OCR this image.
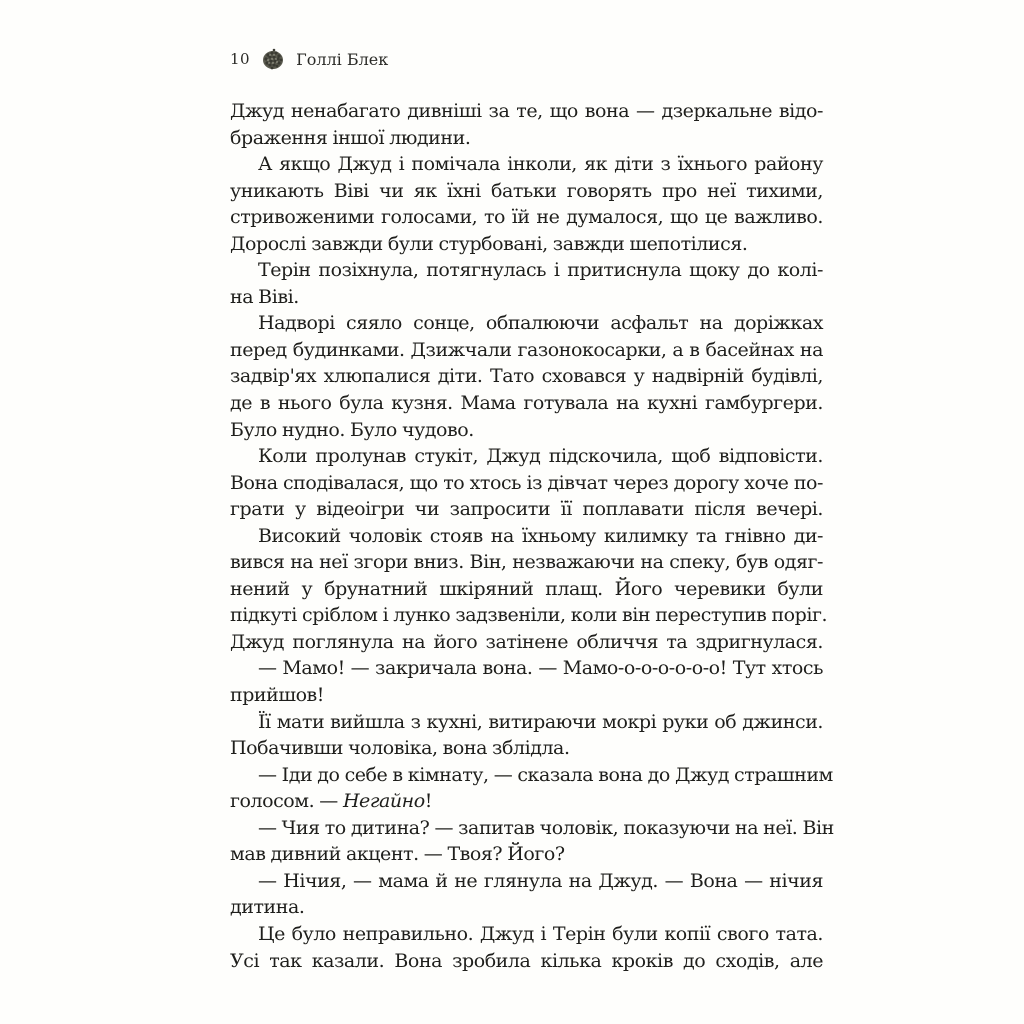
10	Голлі Блек
Джуд ненабагато дивніші за те, що вона — дзеркальне відо-
браження іншої людини.
А якщо Джуд і помічала інколи, як діти з їхнього району
уникають Віві чи як їхні батьки говорять про неї тихими,
стривоженими голосами, то їй не думалося, що це важливо.
Дорослі завжди були стурбовані, завжди шепотілися.
Терін позіхнула, потягнулась і притиснула щоку до колі-
на Віві.
Надворі сяяло сонце, обпалюючи асфальт на доріжках
перед будинками. Дзижчали газонокосарки, а в басейнах на
задвір'ях хлюпалися діти. Тато сховався у надвірній будівлі,
де в нього була кузня. Мама готувала на кухні гамбургери.
Було нудно. Було чудово.
Коли пролунав стукіт, Джуд підскочила, щоб відповісти.
Вона сподівалася, що то хтось із дівчат через дорогу хоче по-
грати у відеоігри чи запросити її поплавати після вечері.
Високий чоловік стояв на їхньому килимку та гнівно ди-
вився на неї згори вниз. Він, незважаючи на спеку, був одяг-
нений у брунатний шкіряний плащ. Його черевики були
підкуті сріблом і лунко задзвеніли, коли він переступив поріг.
Джуд поглянула на його затінене обличчя та здригнулася.
— Мамо! — закричала вона. — Мамо-о-о-о-о-о-о! Тут хтось
прийшов!
Її мати вийшла з кухні, витираючи мокрі руки об джинси.
Побачивши чоловіка, вона зблідла.
— Іди до себе в кімнату, — сказала вона до Джуд страшним
голосом. — Негайно!
— Чия то дитина? — запитав чоловік, показуючи на неї. Він
мав дивний акцент. — Твоя? Його?
— Нічия, — мама й не глянула на Джуд. — Вона — нічия
дитина.
Це було неправильно. Джуд і Терін були копії свого тата.
Усі так казали. Вона зробила кілька кроків до сходів, але
